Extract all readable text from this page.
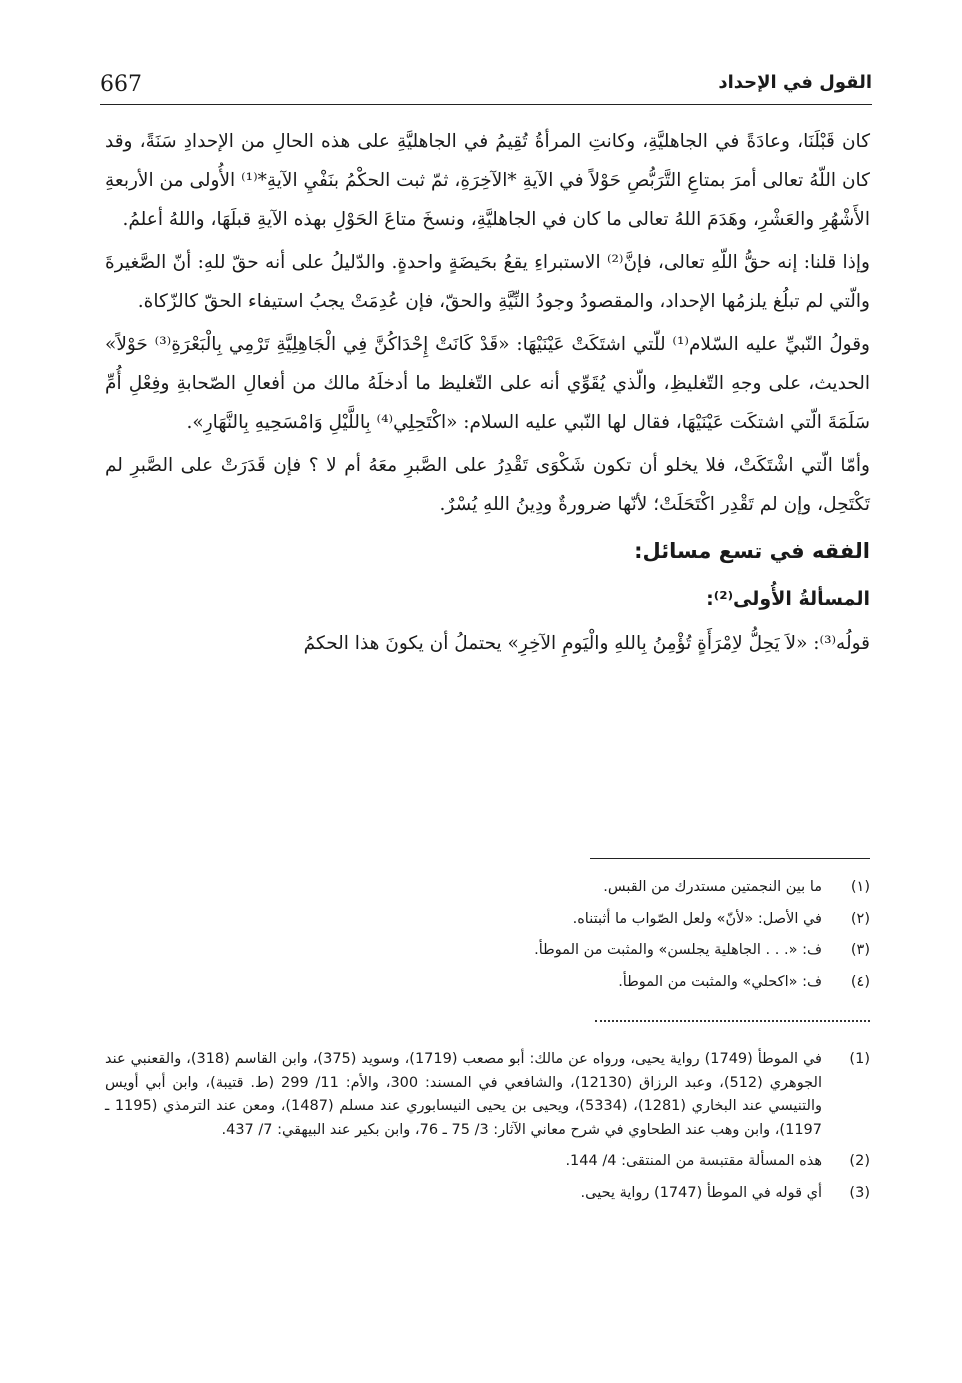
667	القول في الإحداد

كان قَبْلَنَا، وعادَةً في الجاهليَّةِ، وكانتِ المرأةُ تُقِيمُ في الجاهليَّةِ على هذه الحالِ من الإحدادِ سَنَةً، وقد كان اللّهُ تعالى أمرَ بمتاعِ التَّرَبُّصِ حَوْلاً في الآيةِ *الآخِرَةِ، ثمّ ثبت الحكْمُ بنَفْيِ الآيةِ*⁽¹⁾ الأُولى من الأربعةِ الأَشْهُرِ والعَشْرِ، وهَدَمَ اللهُ تعالى ما كان في الجاهليَّةِ، ونسخَ متاعَ الحَوْلِ بهذه الآيةِ قبلَهَا، واللهُ أعلمُ.

وإذا قلنا: إنه حقُّ اللّهِ تعالى، فإنَّ⁽²⁾ الاستبراءِ يقعُ بحَيضَةٍ واحدةٍ. والدّليلُ على أنه حقّ للهِ: أنّ الصَّغيرةَ والّتي لم تبلُغ يلزمُها الإحداد، والمقصودُ وجودُ النِّيَّةِ والحقّ، فإن عُدِمَتْ يجبُ استيفاء الحقّ كالزّكاة.

وقولُ النّبيِّ عليه السّلام⁽¹⁾ للّتي اشتَكَتْ عَيْنَيْهَا: «قَدْ كَانَتْ إِحْدَاكُنَّ فِي الْجَاهِلِيَّةِ تَرْمِي بِالْبَعْرَةِ⁽³⁾ حَوْلاً» الحديث، على وجهِ التّغليظِ، والّذي يُقَوِّي أنه على التّغليظ ما أدخلَهُ مالك من أفعالِ الصّحابةِ وفِعْلِ أُمِّ سَلَمَةَ الّتي اشتكَت عَيْنَيْهَا، فقال لها النّبي عليه السلام: «اكْتَحِلِي⁽⁴⁾ بِاللَّيْلِ وَامْسَحِيهِ بِالنَّهَارِ».

وأمّا الّتي اشْتَكَتْ، فلا يخلو أن تكون شَكْوَى تَقْدِرُ على الصَّبرِ معَهُ أم لا ؟ فإن قَدَرَتْ على الصَّبرِ لم تَكْتَحِل، وإن لم تَقْدِر اكْتَحَلَتْ؛ لأنّها ضرورةٌ ودِينُ اللهِ يُسْرٌ.

الفقه في تسع مسائل:

المسألةُ الأُولى⁽²⁾:

قولُه⁽³⁾: «لاَ يَحِلُّ لاِمْرَأَةٍ تُؤْمِنُ بِاللهِ والْيَومِ الآخِرِ» يحتملُ أن يكونَ هذا الحكمُ

(١)
ما بين النجمتين مستدرك من القبس.
(٢)
في الأصل: «لأنّ» ولعل الصّواب ما أثبتناه.
(٣)
ف: «. . . الجاهلية يجلسن» والمثبت من الموطأ.
(٤)
ف: «اكحلي» والمثبت من الموطأ.
(1)
في الموطأ (1749) رواية يحيى، ورواه عن مالك: أبو مصعب (1719)، وسويد (375)، وابن القاسم (318)، والقعنبي عند الجوهري (512)، وعبد الرزاق (12130)، والشافعي في المسند: 300، والأم: 11/ 299 (ط. قتيبة)، وابن أبي أويس والتنيسي عند البخاري (1281)، (5334)، ويحيى بن يحيى النيسابوري عند مسلم (1487)، ومعن عند الترمذي (1195 ـ 1197)، وابن وهب عند الطحاوي في شرح معاني الآثار: 3/ 75 ـ 76، وابن بكير عند البيهقي: 7/ 437.
(2)
هذه المسألة مقتبسة من المنتقى: 4/ 144.
(3)
أي قوله في الموطأ (1747) رواية يحيى.
